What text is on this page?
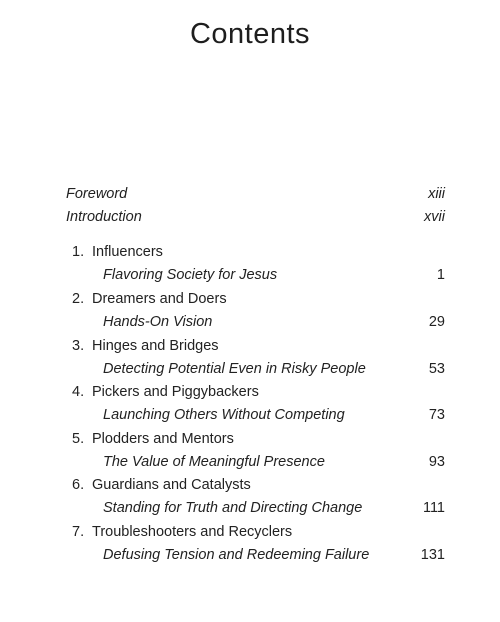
Contents
Foreword	xiii
Introduction	xvii
1. Influencers
Flavoring Society for Jesus	1
2. Dreamers and Doers
Hands-On Vision	29
3. Hinges and Bridges
Detecting Potential Even in Risky People	53
4. Pickers and Piggybackers
Launching Others Without Competing	73
5. Plodders and Mentors
The Value of Meaningful Presence	93
6. Guardians and Catalysts
Standing for Truth and Directing Change	111
7. Troubleshooters and Recyclers
Defusing Tension and Redeeming Failure	131
